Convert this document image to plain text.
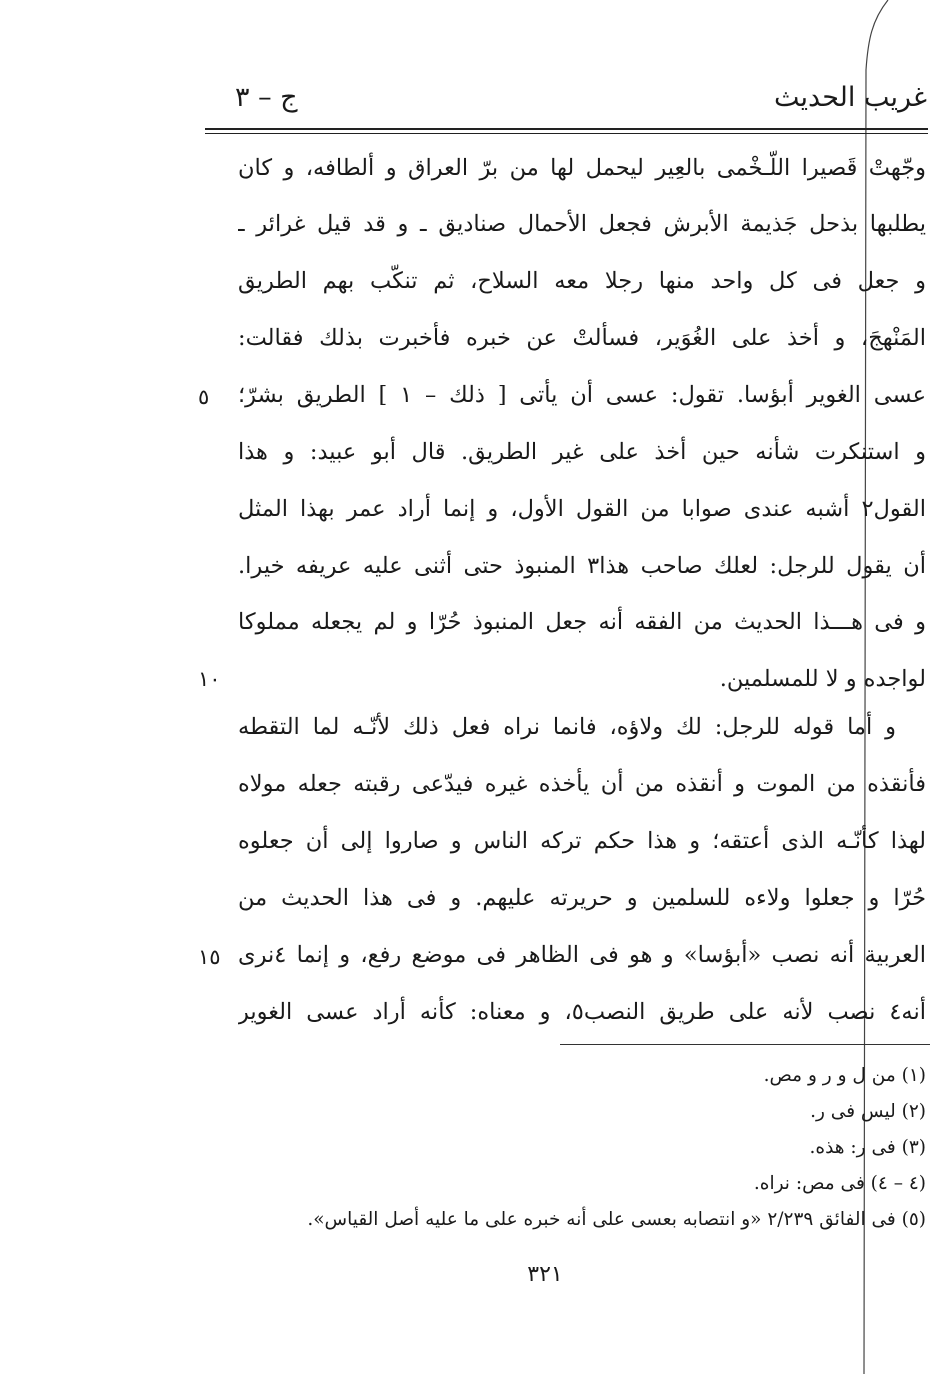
غريب الحديث
ج – ٣
وجّهتْ قَصيرا اللّـخْمى بالعِير ليحمل لها من برّ العراق و ألطافه، و كان
يطلبها بذحل جَذيمة الأبرش فجعل الأحمال صناديق ـ و قد قيل غرائر ـ
و جعل فى كل واحد منها رجلا معه السلاح، ثم تنكّب بهم الطريق
المَنْهجَ، و أخذ على الغُوَير، فسألتْ عن خبره فأخبرت بذلك فقالت:
عسى الغوير أبؤسا. تقول: عسى أن يأتى [ ذلك – ١ ] الطريق بشرّ؛
و استنكرت شأنه حين أخذ على غير الطريق. قال أبو عبيد: و هذا
القول٢ أشبه عندى صوابا من القول الأول، و إنما أراد عمر بهذا المثل
أن يقول للرجل: لعلك صاحب هذا٣ المنبوذ حتى أثنى عليه عريفه خيرا.
و فى هـــذا الحديث من الفقه أنه جعل المنبوذ حُرّا و لم يجعله مملوكا
لواجده و لا للمسلمين.
و أما قوله للرجل: لك ولاؤه، فانما نراه فعل ذلك لأنّـه لما التقطه
فأنقذه من الموت و أنقذه من أن يأخذه غيره فيدّعى رقبته جعله مولاه
لهذا كأنّـه الذى أعتقه؛ و هذا حكم تركه الناس و صاروا إلى أن جعلوه
حُرّا و جعلوا ولاءه للسلمين و حريرته عليهم. و فى هذا الحديث من
العربية أنه نصب «أبؤسا» و هو فى الظاهر فى موضع رفع، و إنما ٤نرى
أنه٤ نصب لأنه على طريق النصب٥، و معناه: كأنه أراد عسى الغوير
٥
١٠
١٥
(١) من ل و ر و مص.
(٢) ليس فى ر.
(٣) فى ر: هذه.
(٤ – ٤) فى مص: نراه.
(٥) فى الفائق ٢/٢٣٩ «و انتصابه بعسى على أنه خبره على ما عليه أصل القياس».
٣٢١
